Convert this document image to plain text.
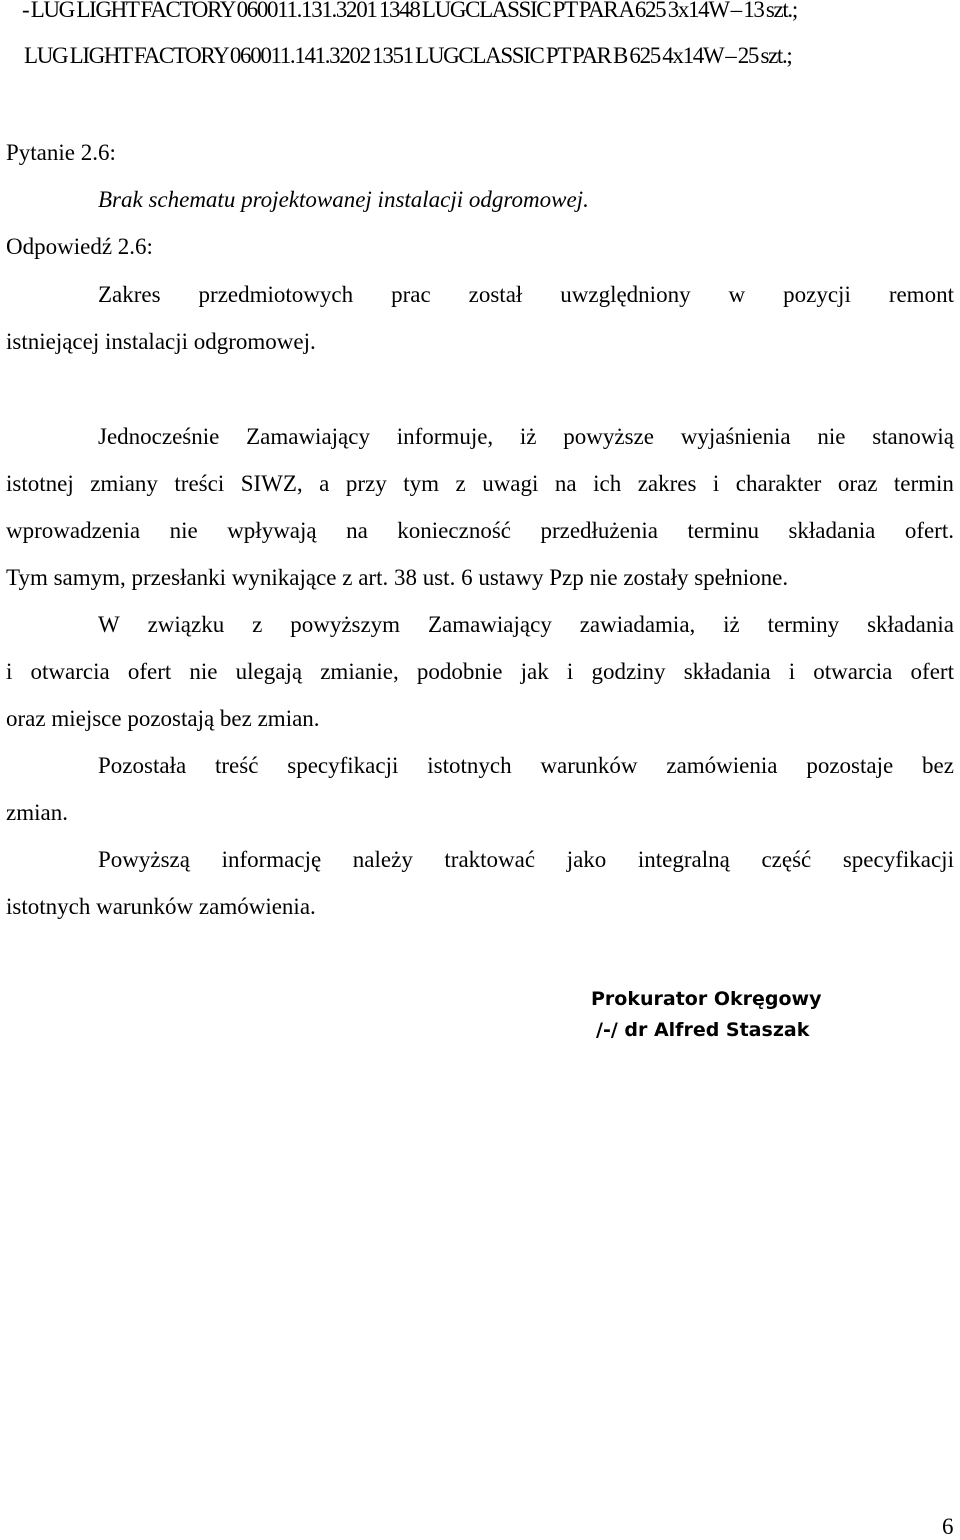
- LUG LIGHT FACTORY 060011.131.3201 1348 LUGCLASSIC PT PAR A 625 3x14W – 13 szt.;
LUG LIGHT FACTORY 060011.141.3202 1351 LUGCLASSIC PT PAR B 625 4x14W – 25 szt.;
Pytanie 2.6:
Brak schematu projektowanej instalacji odgromowej.
Odpowiedź 2.6:
Zakres przedmiotowych prac został uwzględniony w pozycji remont
istniejącej instalacji odgromowej.
Jednocześnie Zamawiający informuje, iż powyższe wyjaśnienia nie stanowią
istotnej zmiany treści SIWZ, a przy tym z uwagi na ich zakres i charakter oraz termin
wprowadzenia nie wpływają na konieczność przedłużenia terminu składania ofert.
Tym samym, przesłanki wynikające z art. 38 ust. 6 ustawy Pzp nie zostały spełnione.
W związku z powyższym Zamawiający zawiadamia, iż terminy składania
i otwarcia ofert nie ulegają zmianie, podobnie jak i godziny składania i otwarcia ofert
oraz miejsce pozostają bez zmian.
Pozostała treść specyfikacji istotnych warunków zamówienia pozostaje bez
zmian.
Powyższą informację należy traktować jako integralną część specyfikacji
istotnych warunków zamówienia.
Prokurator Okręgowy
/-/ dr Alfred Staszak
6
